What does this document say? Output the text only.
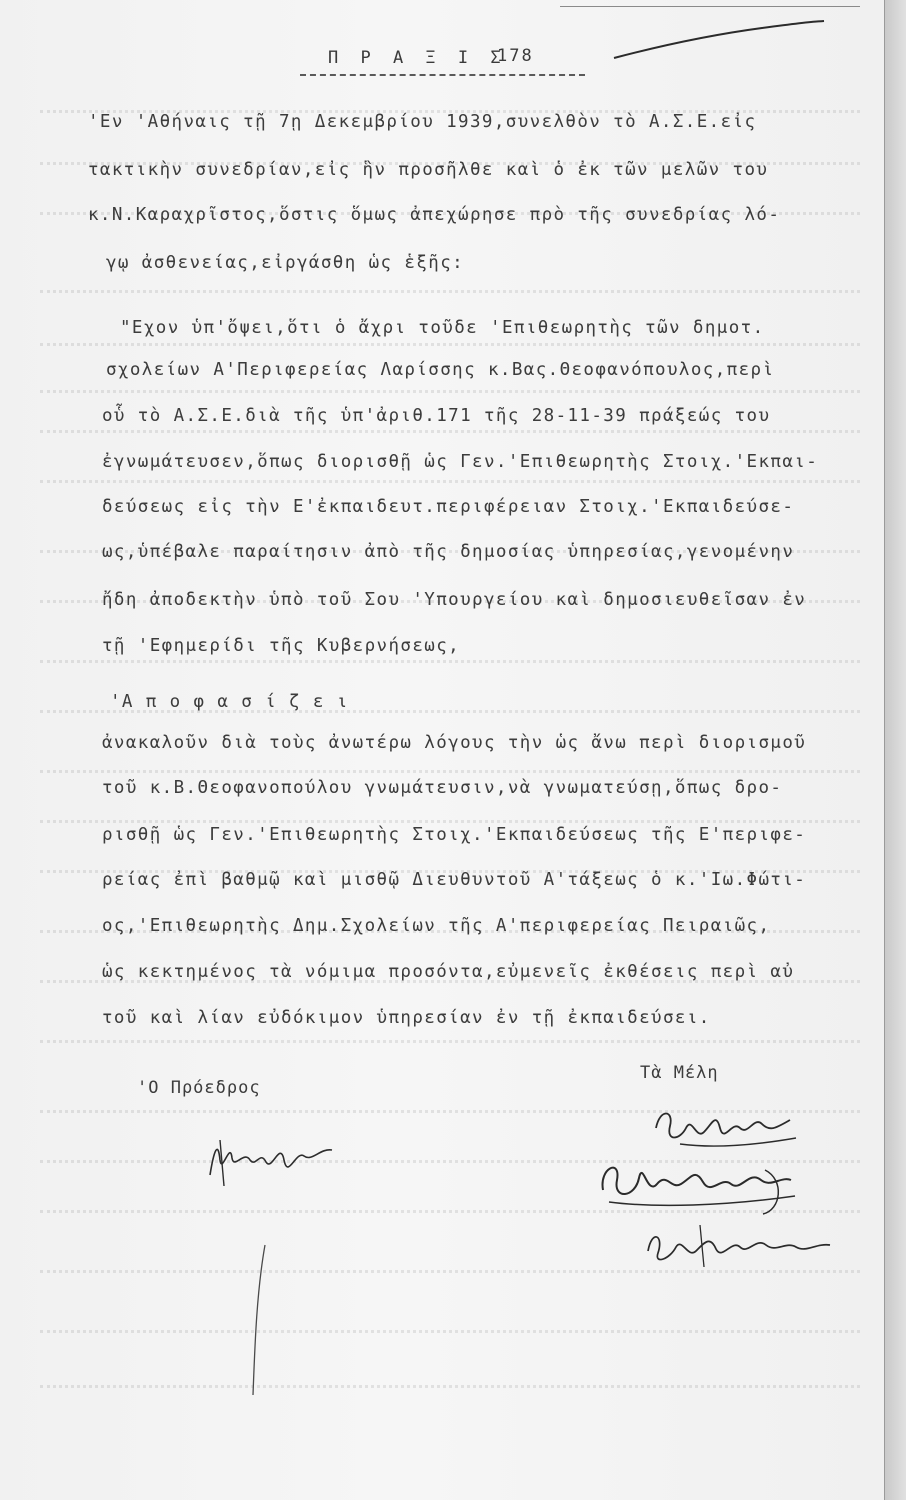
Π Ρ Α Ξ Ι Σ
178
'Εν 'Αθήναις τῇ 7ῃ Δεκεμβρίου 1939,συνελθὸν τὸ Α.Σ.Ε.εἰς
τακτικὴν συνεδρίαν,εἰς ἣν προσῆλθε καὶ ὁ ἐκ τῶν μελῶν του
κ.Ν.Καραχρῖστος,ὅστις ὅμως ἀπεχώρησε πρὸ τῆς συνεδρίας λό-
γῳ ἀσθενείας,εἰργάσθη ὡς ἑξῆς:
"Εχον ὑπ'ὄψει,ὅτι ὁ ἄχρι τοῦδε 'Επιθεωρητὴς τῶν δημοτ.
σχολείων Α'Περιφερείας Λαρίσσης κ.Βας.Θεοφανόπουλος,περὶ
οὗ τὸ Α.Σ.Ε.διὰ τῆς ὑπ'ἀριθ.171 τῆς 28-11-39 πράξεώς του
ἐγνωμάτευσεν,ὅπως διορισθῇ ὡς Γεν.'Επιθεωρητὴς Στοιχ.'Εκπαι-
δεύσεως εἰς τὴν Ε'ἐκπαιδευτ.περιφέρειαν Στοιχ.'Εκπαιδεύσε-
ως,ὑπέβαλε παραίτησιν ἀπὸ τῆς δημοσίας ὑπηρεσίας,γενομένην
ἤδη ἀποδεκτὴν ὑπὸ τοῦ Σου 'Υπουργείου καὶ δημοσιευθεῖσαν ἐν
τῇ 'Εφημερίδι τῆς Κυβερνήσεως,
'Α π ο φ α σ ί ζ ε ι
ἀνακαλοῦν διὰ τοὺς ἀνωτέρω λόγους τὴν ὡς ἄνω περὶ διορισμοῦ
τοῦ κ.Β.Θεοφανοπούλου γνωμάτευσιν,νὰ γνωματεύσῃ,ὅπως δρο-
ρισθῇ ὡς Γεν.'Επιθεωρητὴς Στοιχ.'Εκπαιδεύσεως τῆς Ε'περιφε-
ρείας ἐπὶ βαθμῷ καὶ μισθῷ Διευθυντοῦ Α'τάξεως ὁ κ.'Ιω.Φώτι-
ος,'Επιθεωρητὴς Δημ.Σχολείων τῆς Α'περιφερείας Πειραιῶς,
ὡς κεκτημένος τὰ νόμιμα προσόντα,εὐμενεῖς ἐκθέσεις περὶ αὐ
τοῦ καὶ λίαν εὐδόκιμον ὑπηρεσίαν ἐν τῇ ἐκπαιδεύσει.
'Ο Πρόεδρος
Τὰ Μέλη
